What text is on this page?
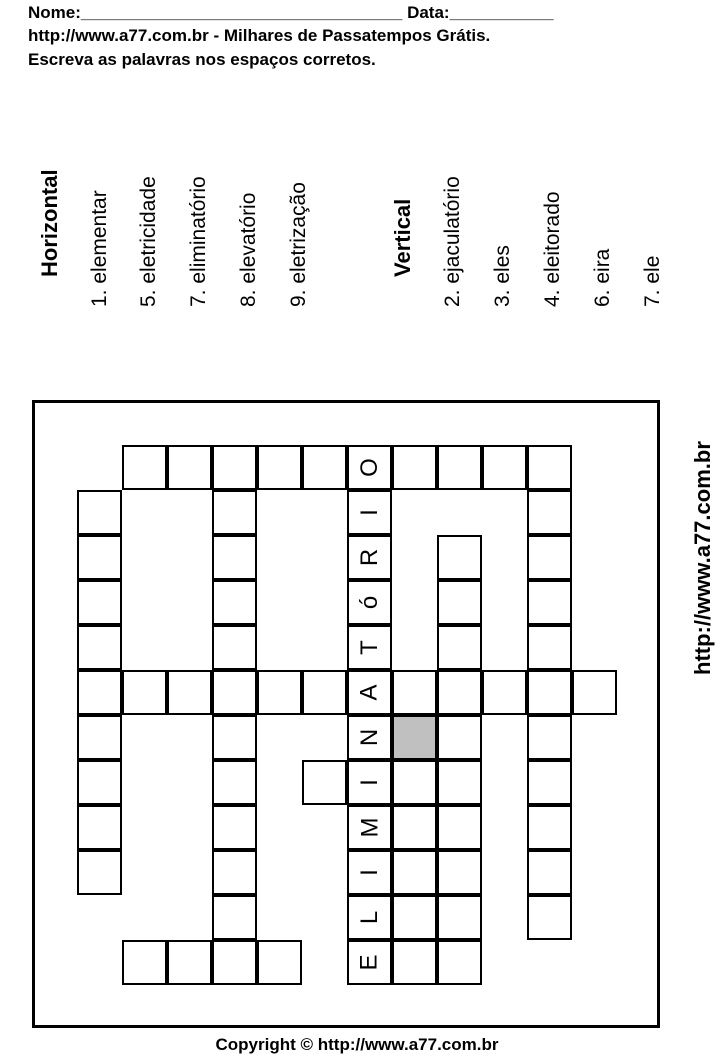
Nome:__________________________________ Data:___________
http://www.a77.com.br - Milhares de Passatempos Grátis.
Escreva as palavras nos espaços corretos.
Horizontal 1. elementar 5. eletricidade 7. eliminatório 8. elevatório 9. eletrização	Vertical 2. ejaculatório 3. eles 4. eleitorado 6. eira 7. ele
O
I
R
ó
T
A
N
I
M
I
L
E
Copyright © http://www.a77.com.br
http://www.a77.com.br
